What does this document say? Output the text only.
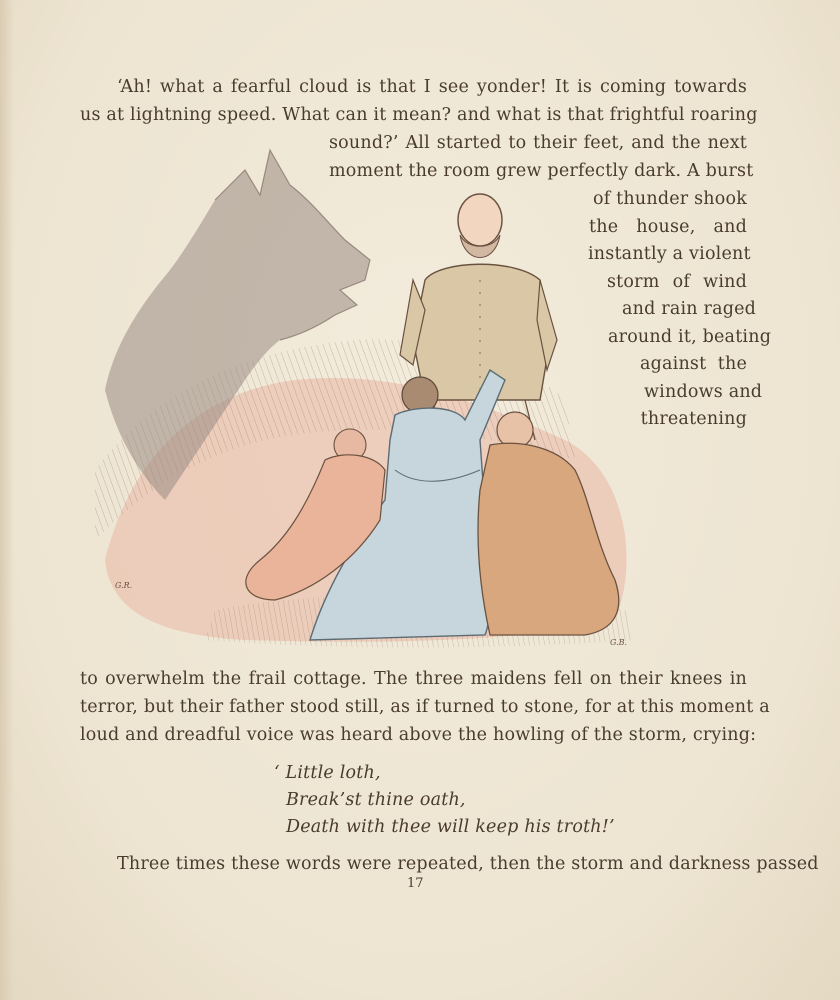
‘Ah! what a fearful cloud is that I see yonder! It is coming towards
us at lightning speed. What can it mean? and what is that frightful roaring
sound?’ All started to their feet, and the next
moment the room grew perfectly dark. A burst
of thunder shook
the house, and
instantly a violent
storm of wind
and rain raged
around it, beating
against the
windows and
threatening
G.R.
G.B.
to overwhelm the frail cottage. The three maidens fell on their knees in
terror, but their father stood still, as if turned to stone, for at this moment a
loud and dreadful voice was heard above the howling of the storm, crying:
‘ Little loth,
Break’st thine oath,
Death with thee will keep his troth!’
Three times these words were repeated, then the storm and darkness passed
17
